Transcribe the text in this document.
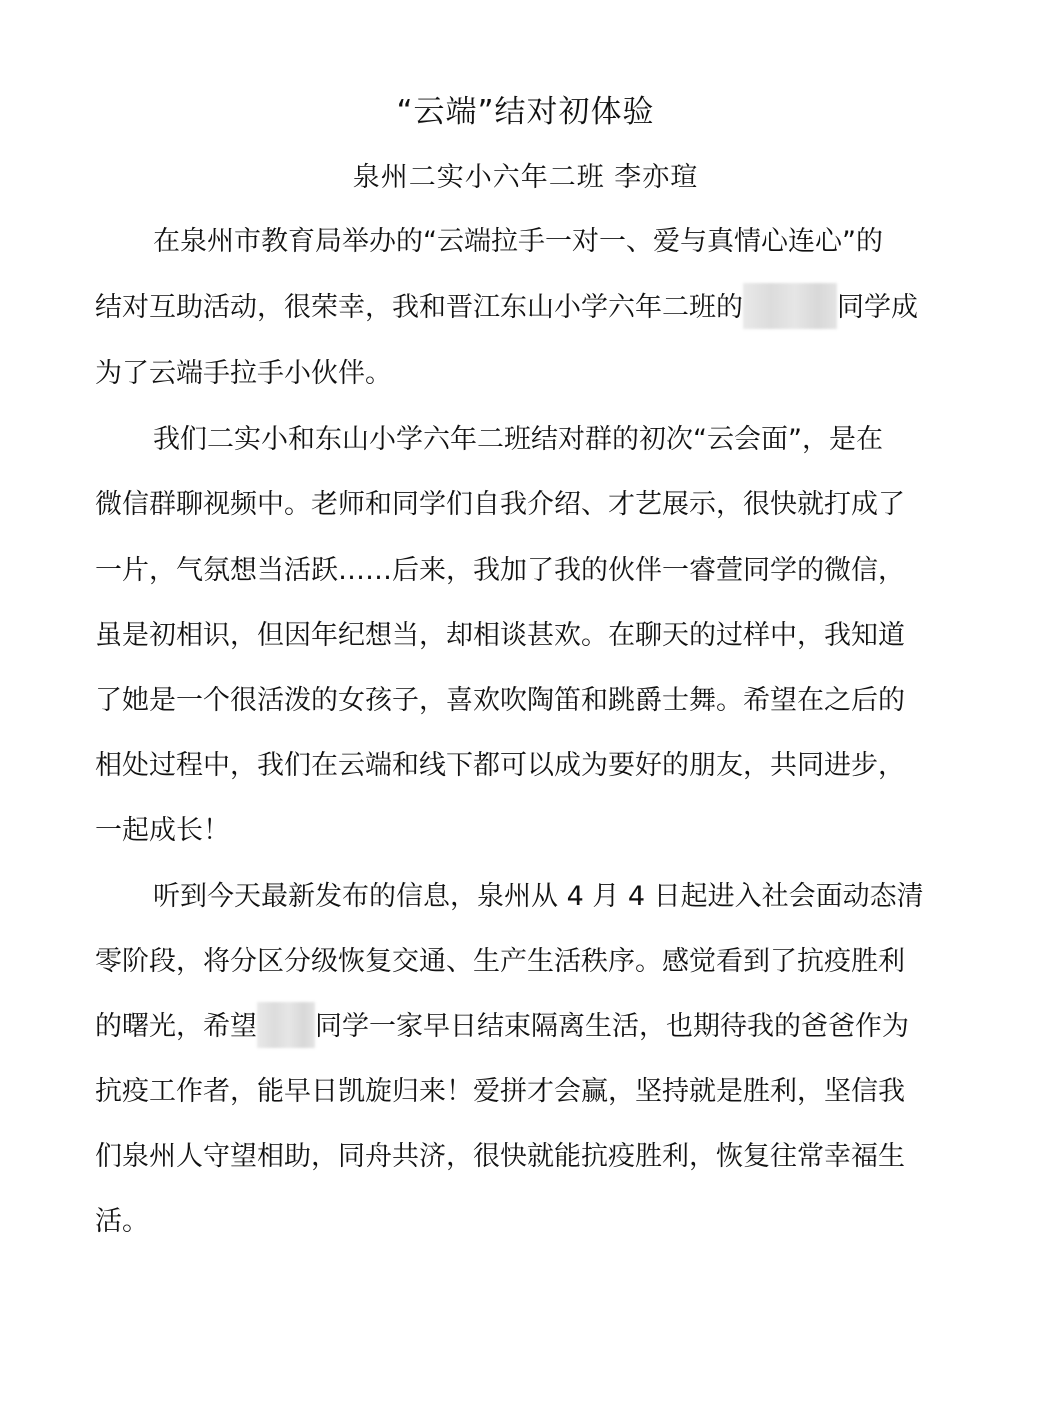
“云端”结对初体验
泉州二实小六年二班 李亦瑄
在泉州市教育局举办的“云端拉手一对一、爱与真情心连心”的
结对互助活动，很荣幸，我和晋江东山小学六年二班的	同学成
为了云端手拉手小伙伴。
我们二实小和东山小学六年二班结对群的初次“云会面”，是在
微信群聊视频中。老师和同学们自我介绍、才艺展示，很快就打成了
一片，气氛想当活跃……后来，我加了我的伙伴一睿萱同学的微信，
虽是初相识，但因年纪想当，却相谈甚欢。在聊天的过样中，我知道
了她是一个很活泼的女孩子，喜欢吹陶笛和跳爵士舞。希望在之后的
相处过程中，我们在云端和线下都可以成为要好的朋友，共同进步，
一起成长！
听到今天最新发布的信息，泉州从 4 月 4 日起进入社会面动态清
零阶段，将分区分级恢复交通、生产生活秩序。感觉看到了抗疫胜利
的曙光，希望 同学一家早日结束隔离生活，也期待我的爸爸作为
抗疫工作者，能早日凯旋归来！爱拼才会赢，坚持就是胜利，坚信我
们泉州人守望相助，同舟共济，很快就能抗疫胜利，恢复往常幸福生
活。
